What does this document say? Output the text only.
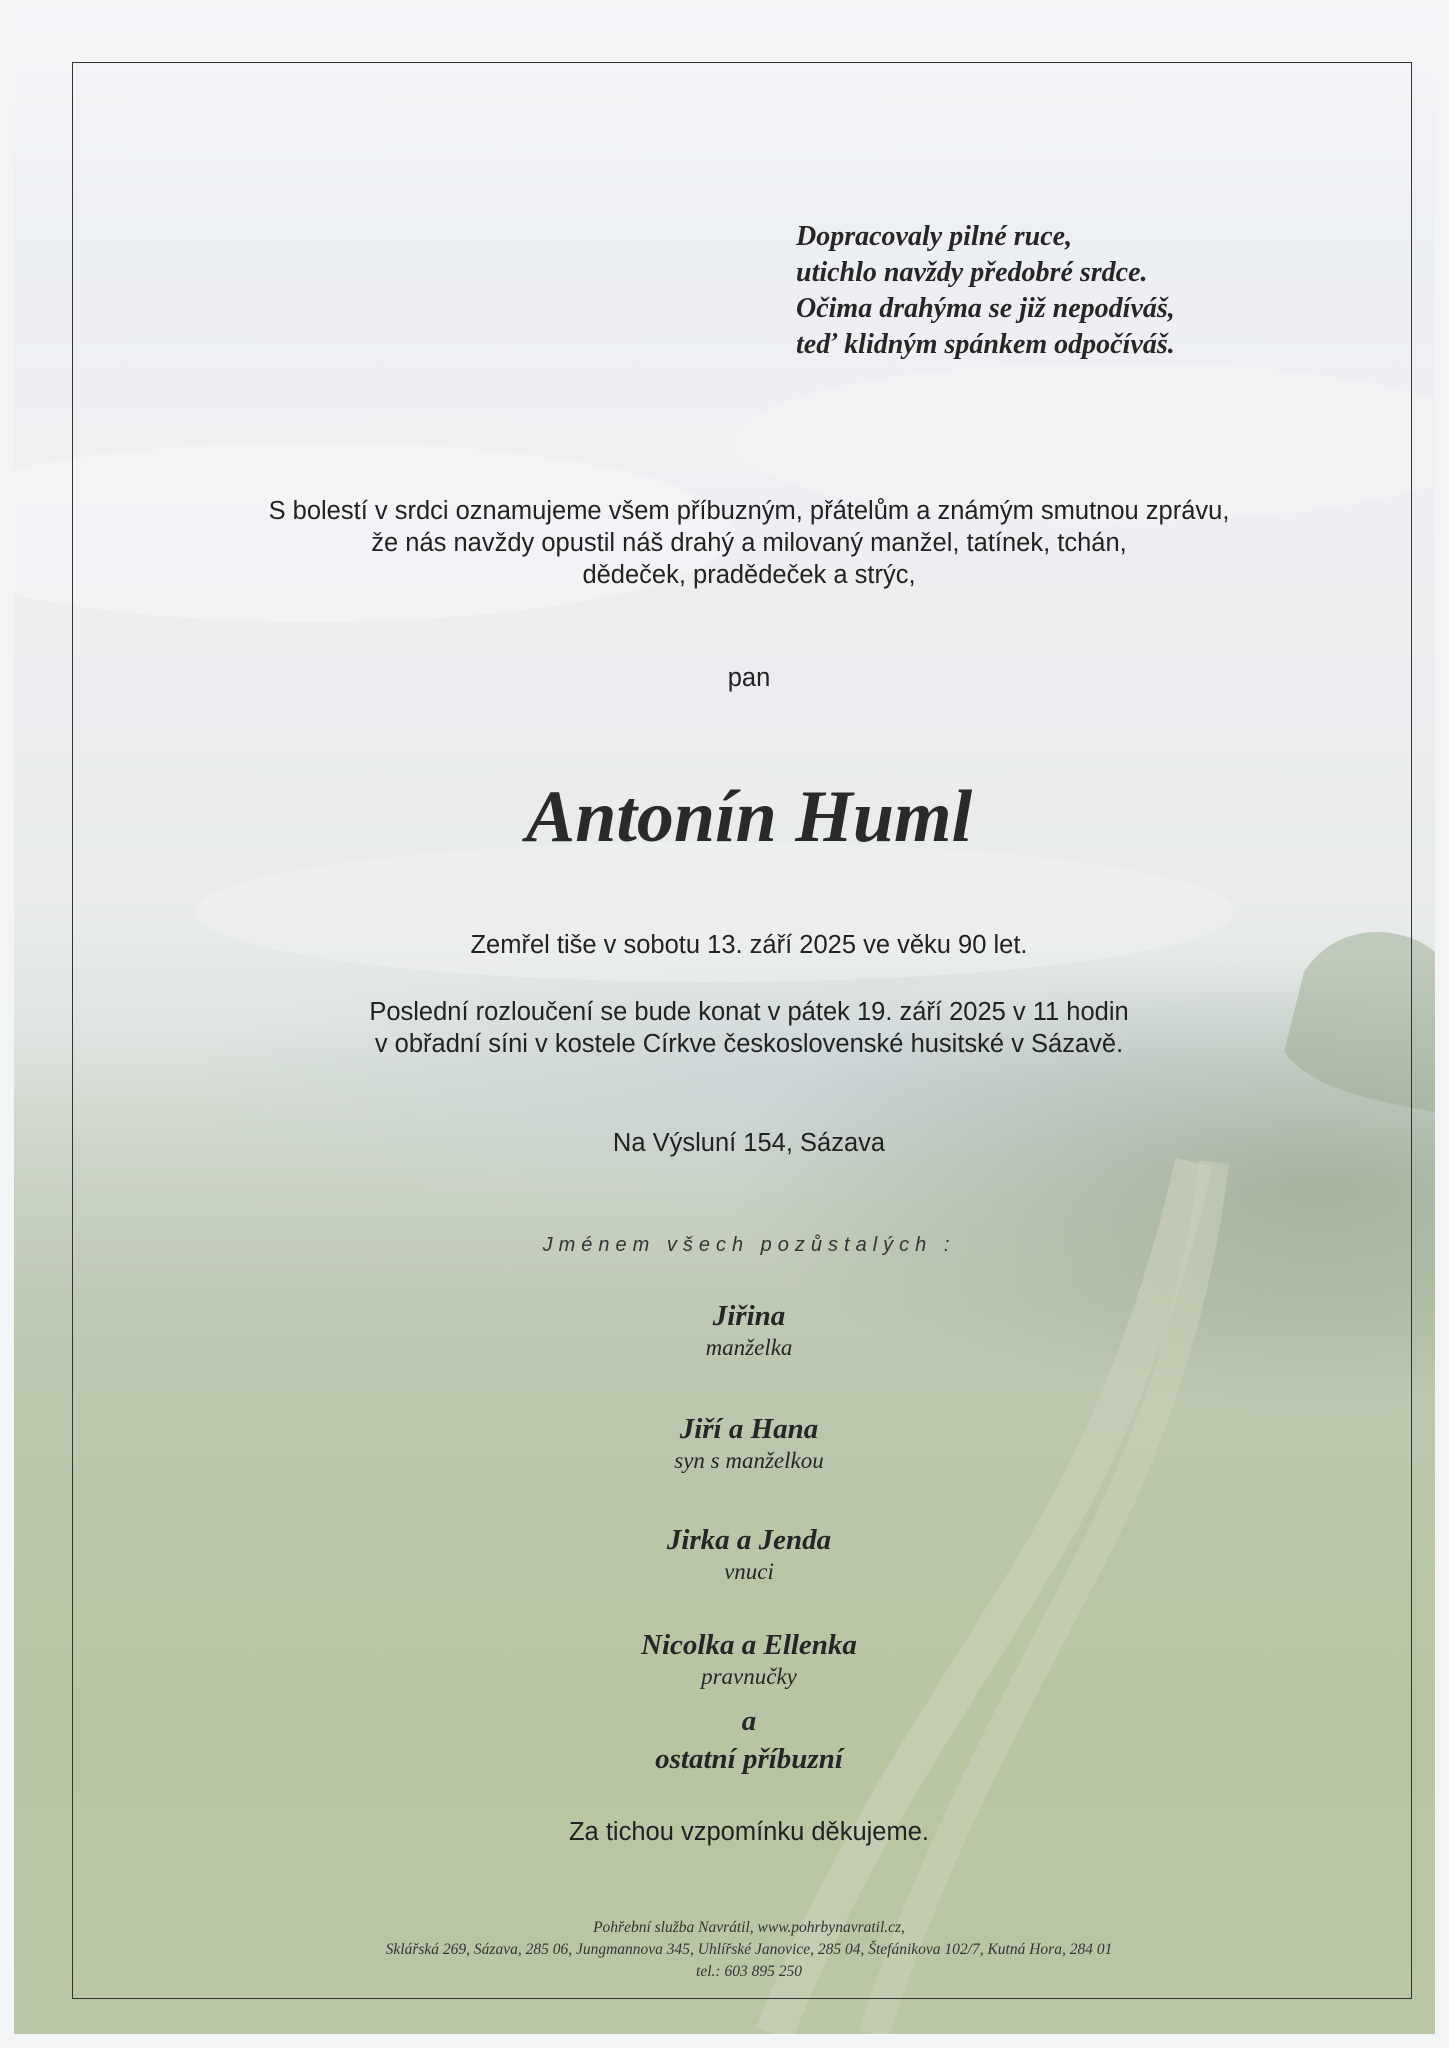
Dopracovaly pilné ruce,
utichlo navždy předobré srdce.
Očima drahýma se již nepodíváš,
teď klidným spánkem odpočíváš.
S bolestí v srdci oznamujeme všem příbuzným, přátelům a známým smutnou zprávu,
že nás navždy opustil náš drahý a milovaný manžel, tatínek, tchán,
dědeček, pradědeček a strýc,
pan
Antonín Huml
Zemřel tiše v sobotu 13. září 2025 ve věku 90 let.
Poslední rozloučení se bude konat v pátek 19. září 2025 v 11 hodin
v obřadní síni v kostele Církve československé husitské v Sázavě.
Na Výsluní 154, Sázava
Jménem všech pozůstalých :
Jiřina
manželka
Jiří a Hana
syn s manželkou
Jirka a Jenda
vnuci
Nicolka a Ellenka
pravnučky
a
ostatní příbuzní
Za tichou vzpomínku děkujeme.
Pohřební služba Navrátil, www.pohrbynavratil.cz,
Sklářská 269, Sázava, 285 06, Jungmannova 345, Uhlířské Janovice, 285 04, Štefánikova 102/7, Kutná Hora, 284 01
tel.: 603 895 250
